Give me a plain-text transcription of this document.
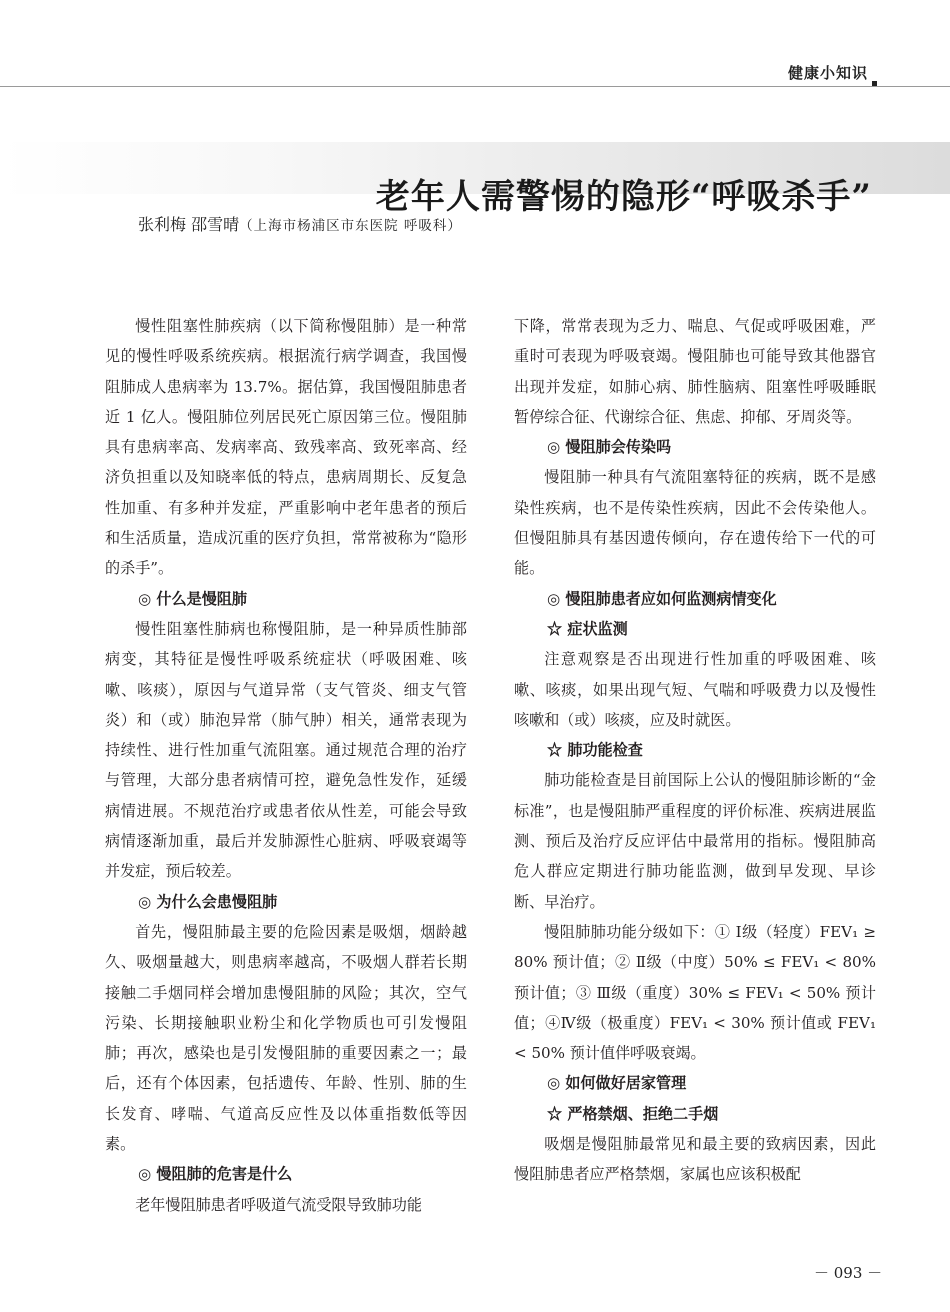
健康小知识
老年人需警惕的隐形“呼吸杀手”
张利梅 邵雪晴（上海市杨浦区市东医院 呼吸科）

慢性阻塞性肺疾病（以下简称慢阻肺）是一种常见的慢性呼吸系统疾病。根据流行病学调查，我国慢阻肺成人患病率为 13.7%。据估算，我国慢阻肺患者近 1 亿人。慢阻肺位列居民死亡原因第三位。慢阻肺具有患病率高、发病率高、致残率高、致死率高、经济负担重以及知晓率低的特点，患病周期长、反复急性加重、有多种并发症，严重影响中老年患者的预后和生活质量，造成沉重的医疗负担，常常被称为“隐形的杀手”。

◎ 什么是慢阻肺

慢性阻塞性肺病也称慢阻肺，是一种异质性肺部病变，其特征是慢性呼吸系统症状（呼吸困难、咳嗽、咳痰），原因与气道异常（支气管炎、细支气管炎）和（或）肺泡异常（肺气肿）相关，通常表现为持续性、进行性加重气流阻塞。通过规范合理的治疗与管理，大部分患者病情可控，避免急性发作，延缓病情进展。不规范治疗或患者依从性差，可能会导致病情逐渐加重，最后并发肺源性心脏病、呼吸衰竭等并发症，预后较差。

◎ 为什么会患慢阻肺

首先，慢阻肺最主要的危险因素是吸烟，烟龄越久、吸烟量越大，则患病率越高，不吸烟人群若长期接触二手烟同样会增加患慢阻肺的风险；其次，空气污染、长期接触职业粉尘和化学物质也可引发慢阻肺；再次，感染也是引发慢阻肺的重要因素之一；最后，还有个体因素，包括遗传、年龄、性别、肺的生长发育、哮喘、气道高反应性及以体重指数低等因素。

◎ 慢阻肺的危害是什么

老年慢阻肺患者呼吸道气流受限导致肺功能

下降，常常表现为乏力、喘息、气促或呼吸困难，严重时可表现为呼吸衰竭。慢阻肺也可能导致其他器官出现并发症，如肺心病、肺性脑病、阻塞性呼吸睡眠暂停综合征、代谢综合征、焦虑、抑郁、牙周炎等。

◎ 慢阻肺会传染吗

慢阻肺一种具有气流阻塞特征的疾病，既不是感染性疾病，也不是传染性疾病，因此不会传染他人。但慢阻肺具有基因遗传倾向，存在遗传给下一代的可能。

◎ 慢阻肺患者应如何监测病情变化
☆ 症状监测

注意观察是否出现进行性加重的呼吸困难、咳嗽、咳痰，如果出现气短、气喘和呼吸费力以及慢性咳嗽和（或）咳痰，应及时就医。

☆ 肺功能检查

肺功能检查是目前国际上公认的慢阻肺诊断的“金标准”，也是慢阻肺严重程度的评价标准、疾病进展监测、预后及治疗反应评估中最常用的指标。慢阻肺高危人群应定期进行肺功能监测，做到早发现、早诊断、早治疗。

慢阻肺肺功能分级如下：① Ⅰ级（轻度）FEV₁ ≥ 80% 预计值；② Ⅱ级（中度）50% ≤ FEV₁ < 80% 预计值；③ Ⅲ级（重度）30% ≤ FEV₁ < 50% 预计值；④Ⅳ级（极重度）FEV₁ < 30% 预计值或 FEV₁ < 50% 预计值伴呼吸衰竭。

◎ 如何做好居家管理
☆ 严格禁烟、拒绝二手烟

吸烟是慢阻肺最常见和最主要的致病因素，因此慢阻肺患者应严格禁烟，家属也应该积极配

－ 093 －
